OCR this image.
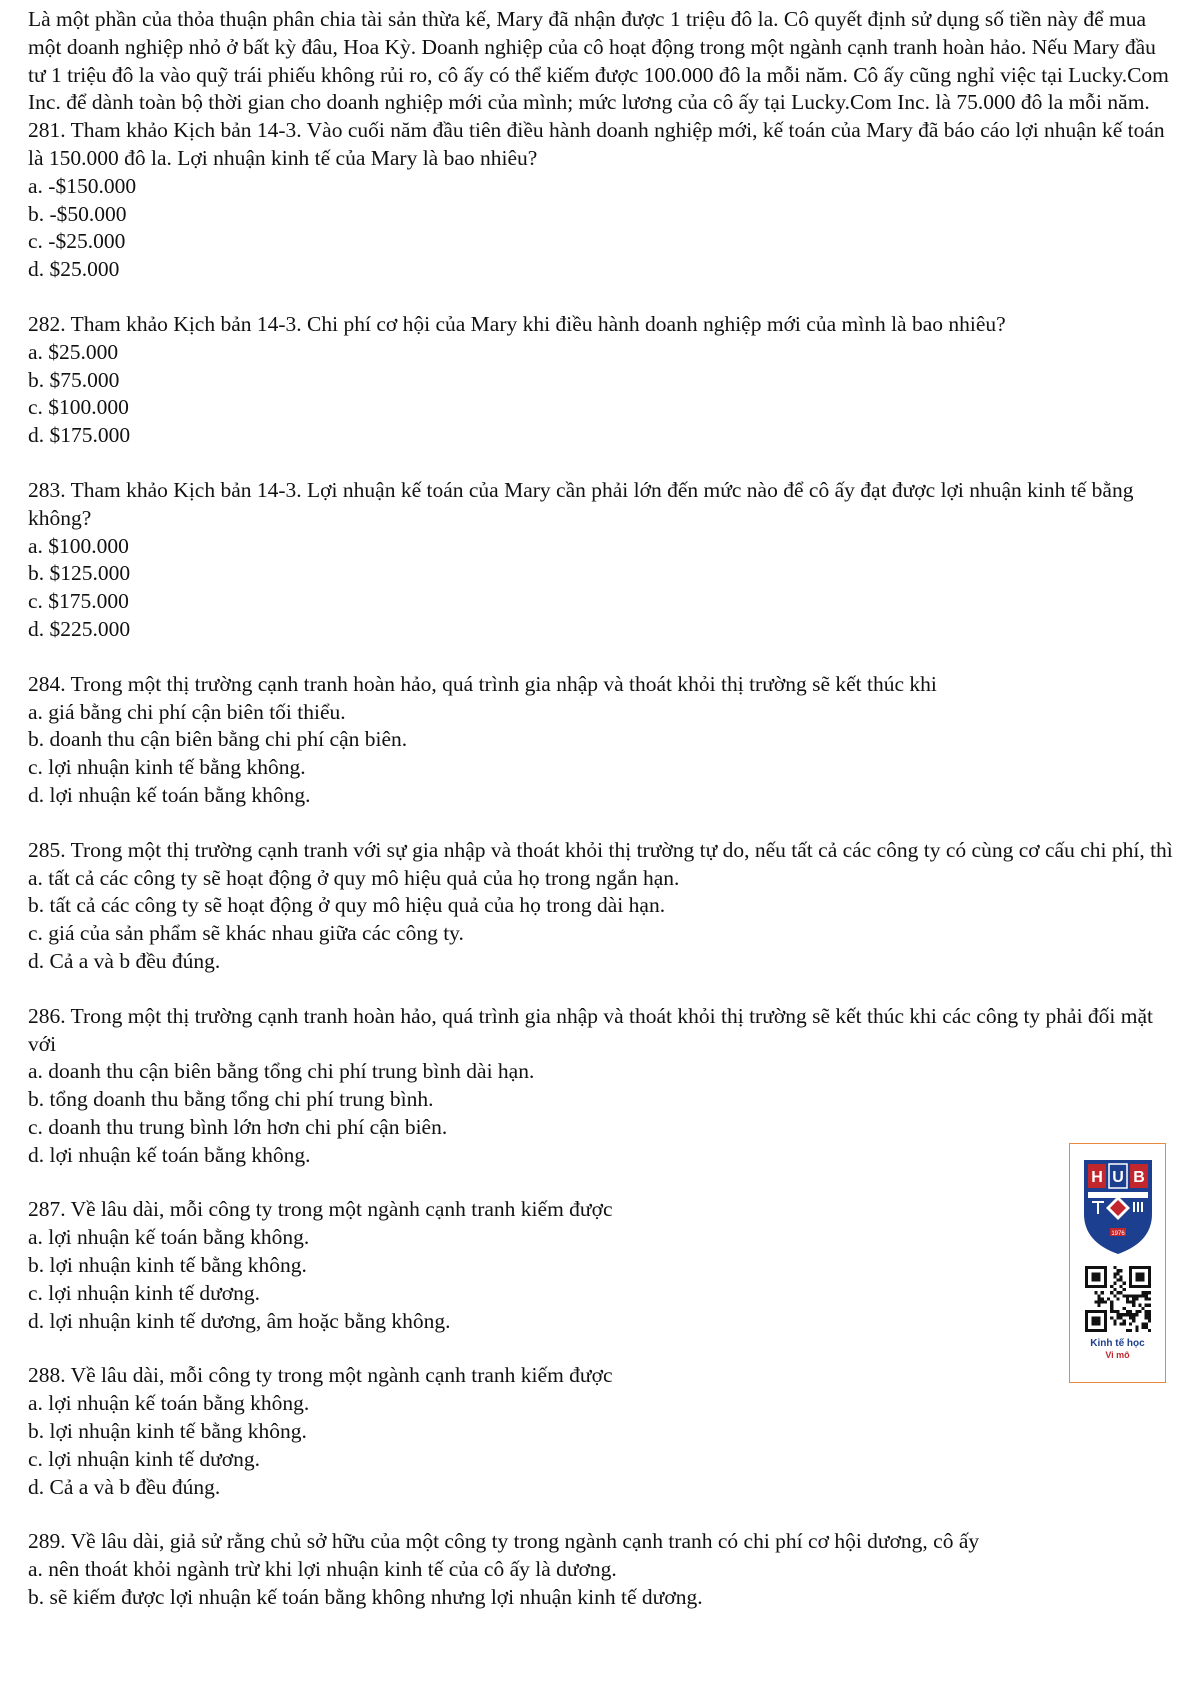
Là một phần của thỏa thuận phân chia tài sản thừa kế, Mary đã nhận được 1 triệu đô la. Cô quyết định sử dụng số tiền này để mua một doanh nghiệp nhỏ ở bất kỳ đâu, Hoa Kỳ. Doanh nghiệp của cô hoạt động trong một ngành cạnh tranh hoàn hảo. Nếu Mary đầu tư 1 triệu đô la vào quỹ trái phiếu không rủi ro, cô ấy có thể kiếm được 100.000 đô la mỗi năm. Cô ấy cũng nghỉ việc tại Lucky.Com Inc. để dành toàn bộ thời gian cho doanh nghiệp mới của mình; mức lương của cô ấy tại Lucky.Com Inc. là 75.000 đô la mỗi năm.

281. Tham khảo Kịch bản 14-3. Vào cuối năm đầu tiên điều hành doanh nghiệp mới, kế toán của Mary đã báo cáo lợi nhuận kế toán là 150.000 đô la. Lợi nhuận kinh tế của Mary là bao nhiêu?

a. -$150.000

b. -$50.000

c. -$25.000

d. $25.000

282. Tham khảo Kịch bản 14-3. Chi phí cơ hội của Mary khi điều hành doanh nghiệp mới của mình là bao nhiêu?

a. $25.000

b. $75.000

c. $100.000

d. $175.000

283. Tham khảo Kịch bản 14-3. Lợi nhuận kế toán của Mary cần phải lớn đến mức nào để cô ấy đạt được lợi nhuận kinh tế bằng không?

a. $100.000

b. $125.000

c. $175.000

d. $225.000

284. Trong một thị trường cạnh tranh hoàn hảo, quá trình gia nhập và thoát khỏi thị trường sẽ kết thúc khi

a. giá bằng chi phí cận biên tối thiểu.

b. doanh thu cận biên bằng chi phí cận biên.

c. lợi nhuận kinh tế bằng không.

d. lợi nhuận kế toán bằng không.

285. Trong một thị trường cạnh tranh với sự gia nhập và thoát khỏi thị trường tự do, nếu tất cả các công ty có cùng cơ cấu chi phí, thì

a. tất cả các công ty sẽ hoạt động ở quy mô hiệu quả của họ trong ngắn hạn.

b. tất cả các công ty sẽ hoạt động ở quy mô hiệu quả của họ trong dài hạn.

c. giá của sản phẩm sẽ khác nhau giữa các công ty.

d. Cả a và b đều đúng.

286. Trong một thị trường cạnh tranh hoàn hảo, quá trình gia nhập và thoát khỏi thị trường sẽ kết thúc khi các công ty phải đối mặt với

a. doanh thu cận biên bằng tổng chi phí trung bình dài hạn.

b. tổng doanh thu bằng tổng chi phí trung bình.

c. doanh thu trung bình lớn hơn chi phí cận biên.

d. lợi nhuận kế toán bằng không.

287. Về lâu dài, mỗi công ty trong một ngành cạnh tranh kiếm được

a. lợi nhuận kế toán bằng không.

b. lợi nhuận kinh tế bằng không.

c. lợi nhuận kinh tế dương.

d. lợi nhuận kinh tế dương, âm hoặc bằng không.

288. Về lâu dài, mỗi công ty trong một ngành cạnh tranh kiếm được

a. lợi nhuận kế toán bằng không.

b. lợi nhuận kinh tế bằng không.

c. lợi nhuận kinh tế dương.

d. Cả a và b đều đúng.

289. Về lâu dài, giả sử rằng chủ sở hữu của một công ty trong ngành cạnh tranh có chi phí cơ hội dương, cô ấy

a. nên thoát khỏi ngành trừ khi lợi nhuận kinh tế của cô ấy là dương.

b. sẽ kiếm được lợi nhuận kế toán bằng không nhưng lợi nhuận kinh tế dương.

H U B
1976
Kinh tế học
Vi mô
